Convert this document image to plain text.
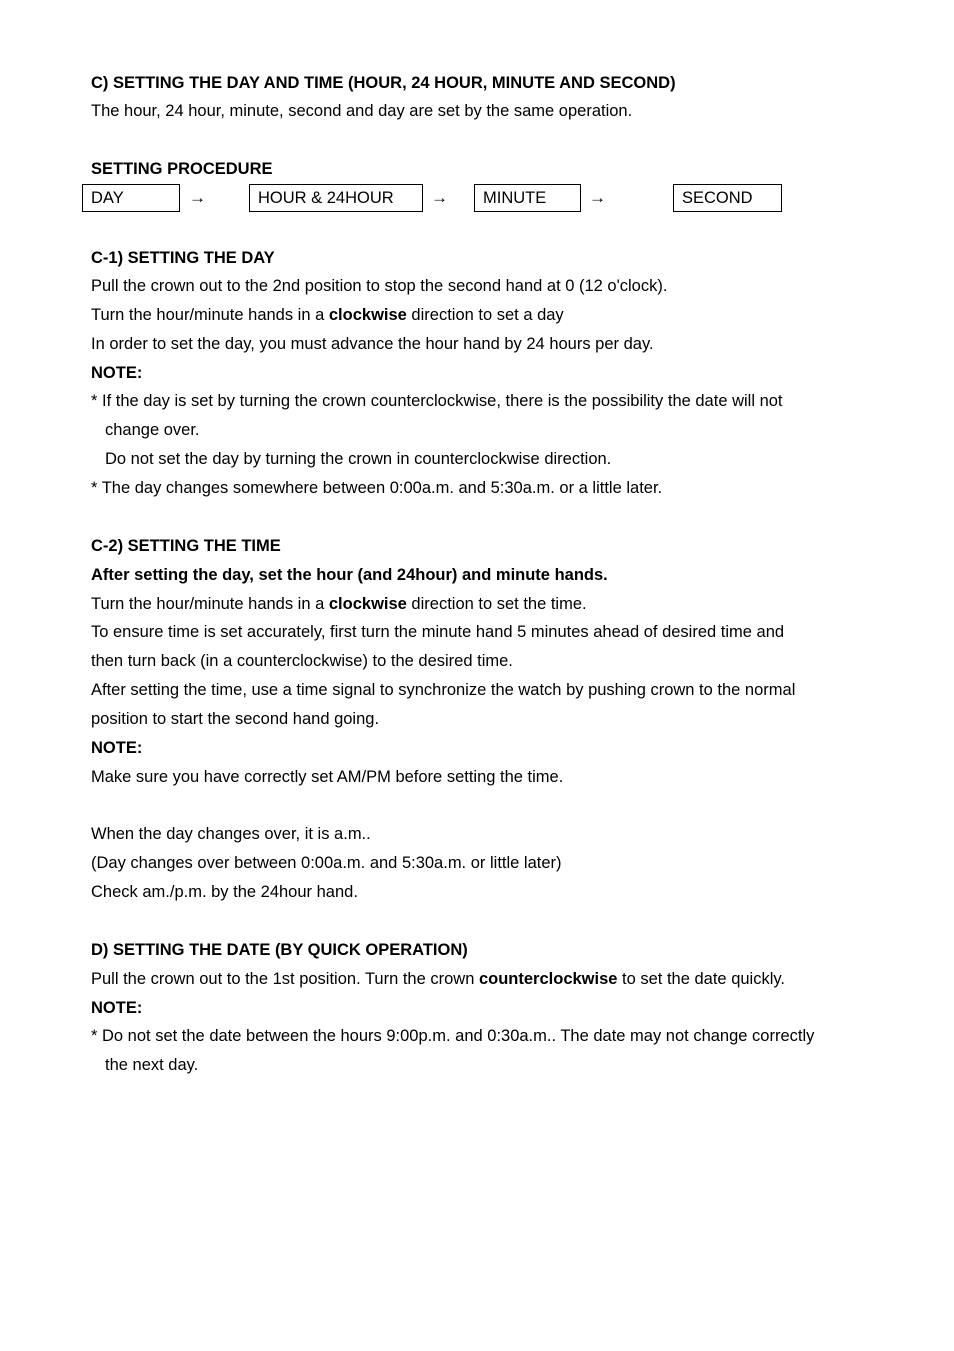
C) SETTING THE DAY AND TIME (HOUR, 24 HOUR, MINUTE AND SECOND)

The hour, 24 hour, minute, second and day are set by the same operation.

SETTING PROCEDURE

DAY	→	HOUR & 24HOUR	→	MINUTE	→	SECOND

C-1) SETTING THE DAY

Pull the crown out to the 2nd position to stop the second hand at 0 (12 o'clock).

Turn the hour/minute hands in a clockwise direction to set a day

In order to set the day, you must advance the hour hand by 24 hours per day.

NOTE:

* If the day is set by turning the crown counterclockwise, there is the possibility the date will not

change over.

Do not set the day by turning the crown in counterclockwise direction.

* The day changes somewhere between 0:00a.m. and 5:30a.m. or a little later.

C-2) SETTING THE TIME

After setting the day, set the hour (and 24hour) and minute hands.

Turn the hour/minute hands in a clockwise direction to set the time.

To ensure time is set accurately, first turn the minute hand 5 minutes ahead of desired time and

then turn back (in a counterclockwise) to the desired time.

After setting the time, use a time signal to synchronize the watch by pushing crown to the normal

position to start the second hand going.

NOTE:

Make sure you have correctly set AM/PM before setting the time.

When the day changes over, it is a.m..

(Day changes over between 0:00a.m. and 5:30a.m. or little later)

Check am./p.m. by the 24hour hand.

D) SETTING THE DATE (BY QUICK OPERATION)

Pull the crown out to the 1st position. Turn the crown counterclockwise to set the date quickly.

NOTE:

* Do not set the date between the hours 9:00p.m. and 0:30a.m.. The date may not change correctly

the next day.
